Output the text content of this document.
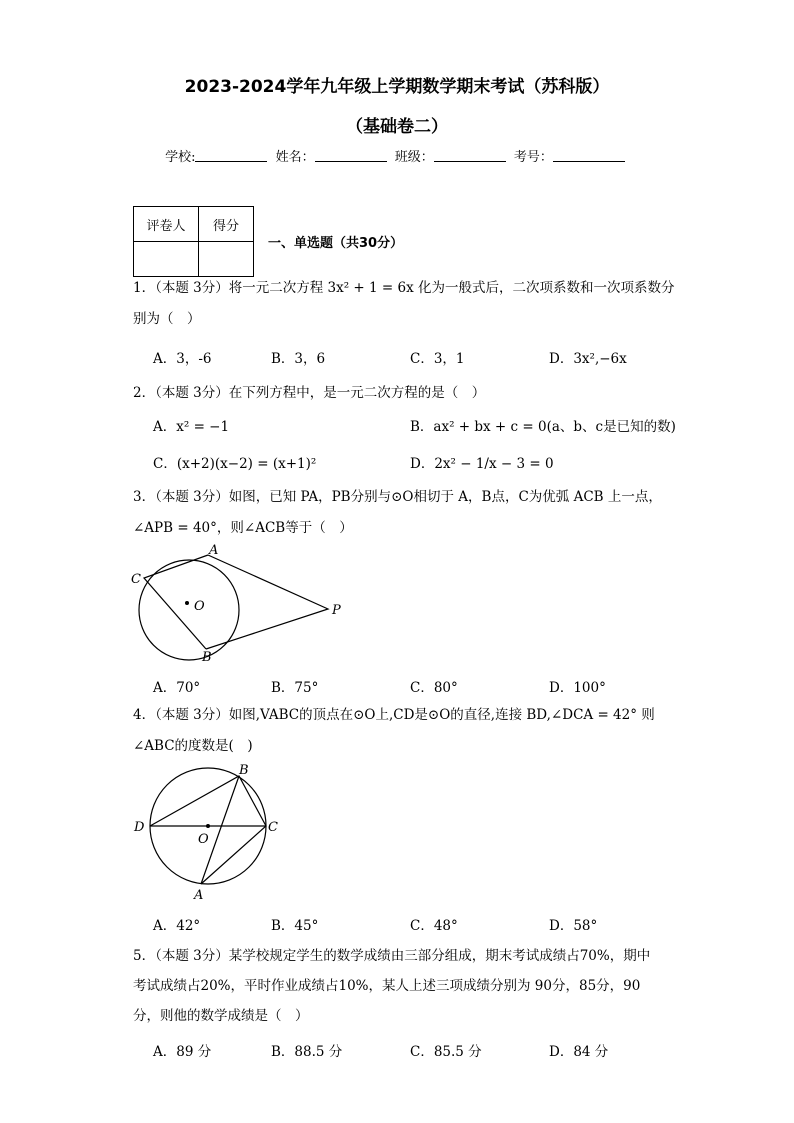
2023-2024学年九年级上学期数学期末考试（苏科版）
（基础卷二）
学校:	姓名：	班级：	考号：
评卷人	得分

一、单选题（共30分）
1．（本题 3分）将一元二次方程 3x² + 1 = 6x 化为一般式后，二次项系数和一次项系数分
别为（　）
A．3，-6	B．3，6	C．3，1	D．3x²,−6x
2．（本题 3分）在下列方程中，是一元二次方程的是（　）
A．x² = −1	B．ax² + bx + c = 0(a、b、c是已知的数)
C．(x+2)(x−2) = (x+1)²	D．2x² − 1/x − 3 = 0
3．（本题 3分）如图，已知 PA，PB分别与⊙O相切于 A，B点，C为优弧 ACB 上一点，
∠APB = 40°，则∠ACB等于（　）
A
B
C
O	P
A．70°	B．75°	C．80°	D．100°
4．（本题 3分）如图,VABC的顶点在⊙O上,CD是⊙O的直径,连接 BD,∠DCA = 42° 则
∠ABC的度数是(　)
B
D
O
C
A
A．42°	B．45°	C．48°	D．58°
5．（本题 3分）某学校规定学生的数学成绩由三部分组成，期末考试成绩占70%，期中
考试成绩占20%，平时作业成绩占10%，某人上述三项成绩分别为 90分，85分，90
分，则他的数学成绩是（　）
A．89 分	B．88.5 分	C．85.5 分	D．84 分
